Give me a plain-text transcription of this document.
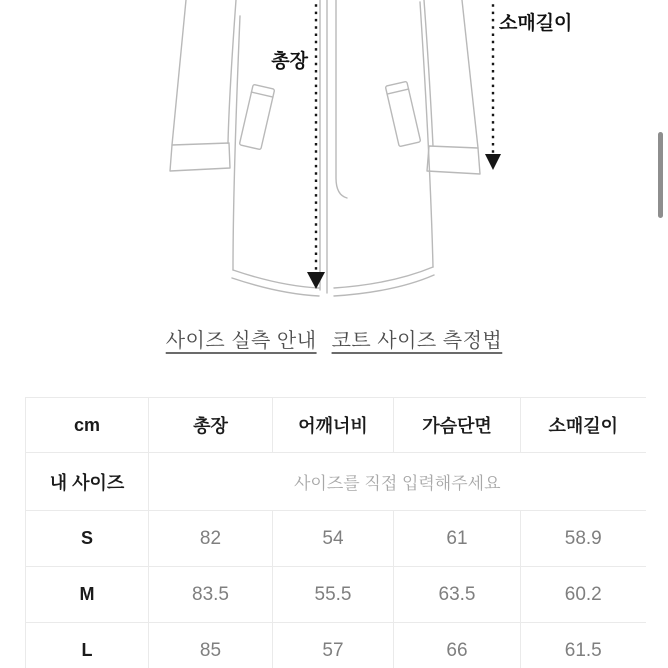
총장
소매길이
사이즈 실측 안내 코트 사이즈 측정법
cm	총장	어깨너비	가슴단면	소매길이
내 사이즈	사이즈를 직접 입력해주세요			
S	82	54	61	58.9
M	83.5	55.5	63.5	60.2
L	85	57	66	61.5
